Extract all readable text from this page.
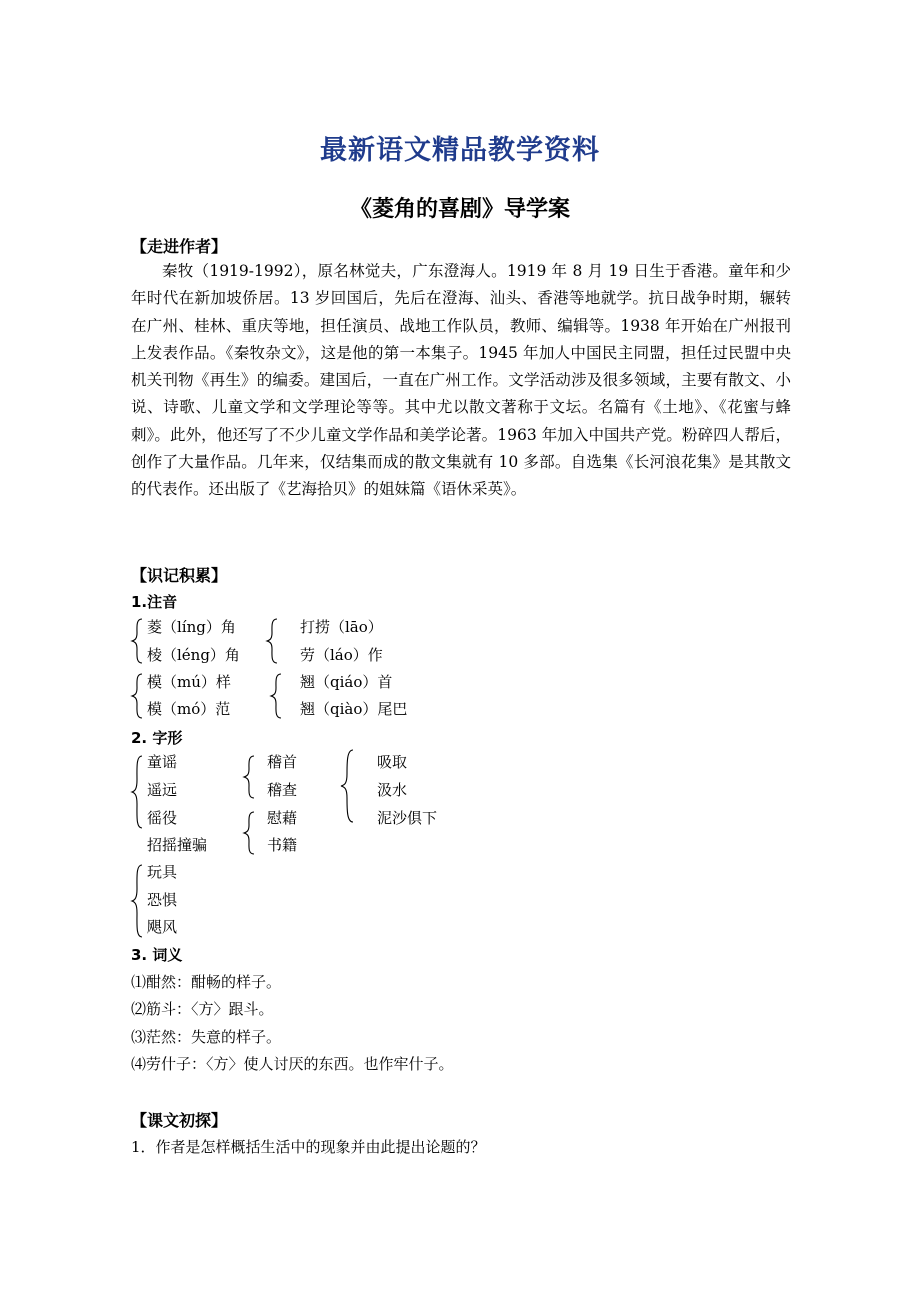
最新语文精品教学资料
《菱角的喜剧》导学案
【走进作者】

秦牧（1919-1992），原名林觉夫，广东澄海人。1919 年 8 月 19 日生于香港。童年和少年时代在新加坡侨居。13 岁回国后，先后在澄海、汕头、香港等地就学。抗日战争时期，辗转在广州、桂林、重庆等地，担任演员、战地工作队员，教师、编辑等。1938 年开始在广州报刊上发表作品。《秦牧杂文》，这是他的第一本集子。1945 年加人中国民主同盟，担任过民盟中央机关刊物《再生》的编委。建国后，一直在广州工作。文学活动涉及很多领域，主要有散文、小说、诗歌、儿童文学和文学理论等等。其中尤以散文著称于文坛。名篇有《土地》、《花蜜与蜂刺》。此外，他还写了不少儿童文学作品和美学论著。1963 年加入中国共产党。粉碎四人帮后，创作了大量作品。几年来，仅结集而成的散文集就有 10 多部。自选集《长河浪花集》是其散文的代表作。还出版了《艺海拾贝》的姐妹篇《语休采英》。

【识记积累】
1.注音
菱（líng）角
棱（léng）角
打捞（lāo）
劳（láo）作
模（mú）样
模（mó）范
翘（qiáo）首
翘（qiào）尾巴
2. 字形
童谣
遥远
徭役
招摇撞骗
稽首
稽查
吸取
汲水
泥沙俱下
慰藉
书籍
玩具
恐惧
飓风
3. 词义
⑴酣然：酣畅的样子。
⑵筋斗：〈方〉跟斗。
⑶茫然：失意的样子。
⑷劳什子：〈方〉使人讨厌的东西。也作牢什子。
【课文初探】
1．作者是怎样概括生活中的现象并由此提出论题的？
